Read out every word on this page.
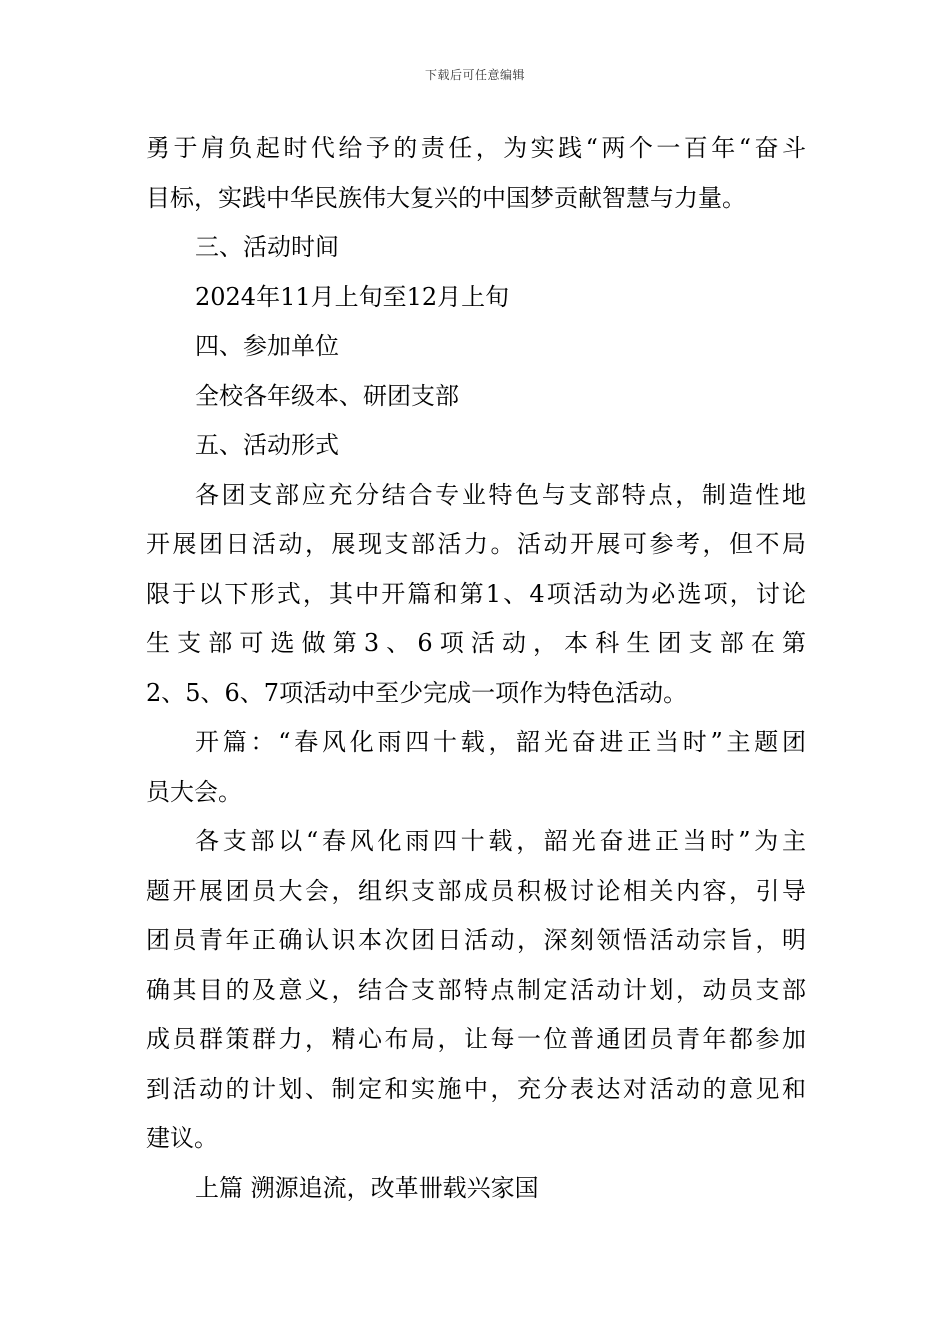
下载后可任意编辑

勇于肩负起时代给予的责任，为实践“两个一百年“奋斗

目标，实践中华民族伟大复兴的中国梦贡献智慧与力量。

三、活动时间

2024年11月上旬至12月上旬

四、参加单位

全校各年级本、研团支部

五、活动形式

各团支部应充分结合专业特色与支部特点，制造性地

开展团日活动，展现支部活力。活动开展可参考，但不局

限于以下形式，其中开篇和第1、4项活动为必选项，讨论

生支部可选做第3、6项活动，本科生团支部在第

2、5、6、7项活动中至少完成一项作为特色活动。

开篇：“春风化雨四十载，韶光奋进正当时”主题团

员大会。

各支部以“春风化雨四十载，韶光奋进正当时”为主

题开展团员大会，组织支部成员积极讨论相关内容，引导

团员青年正确认识本次团日活动，深刻领悟活动宗旨，明

确其目的及意义，结合支部特点制定活动计划，动员支部

成员群策群力，精心布局，让每一位普通团员青年都参加

到活动的计划、制定和实施中，充分表达对活动的意见和

建议。

上篇 溯源追流，改革卌载兴家国
